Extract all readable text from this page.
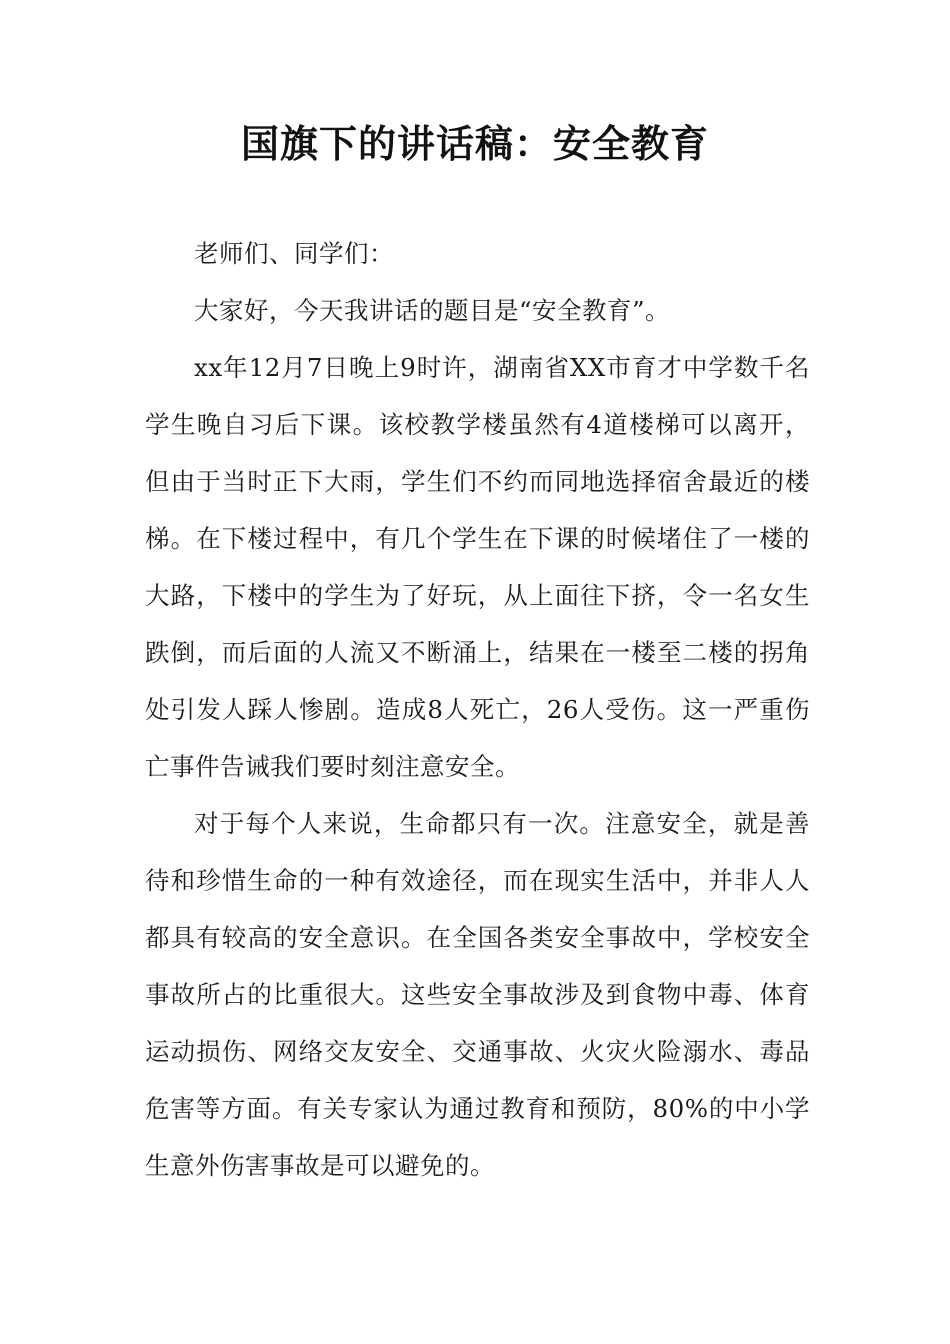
国旗下的讲话稿：安全教育

老师们、同学们：

大家好，今天我讲话的题目是“安全教育”。

xx年12月7日晚上9时许，湖南省XX市育才中学数千名学生晚自习后下课。该校教学楼虽然有4道楼梯可以离开，但由于当时正下大雨，学生们不约而同地选择宿舍最近的楼梯。在下楼过程中，有几个学生在下课的时候堵住了一楼的大路，下楼中的学生为了好玩，从上面往下挤，令一名女生跌倒，而后面的人流又不断涌上，结果在一楼至二楼的拐角处引发人踩人惨剧。造成8人死亡，26人受伤。这一严重伤亡事件告诫我们要时刻注意安全。

对于每个人来说，生命都只有一次。注意安全，就是善待和珍惜生命的一种有效途径，而在现实生活中，并非人人都具有较高的安全意识。在全国各类安全事故中，学校安全事故所占的比重很大。这些安全事故涉及到食物中毒、体育运动损伤、网络交友安全、交通事故、火灾火险溺水、毒品危害等方面。有关专家认为通过教育和预防，80%的中小学生意外伤害事故是可以避免的。
